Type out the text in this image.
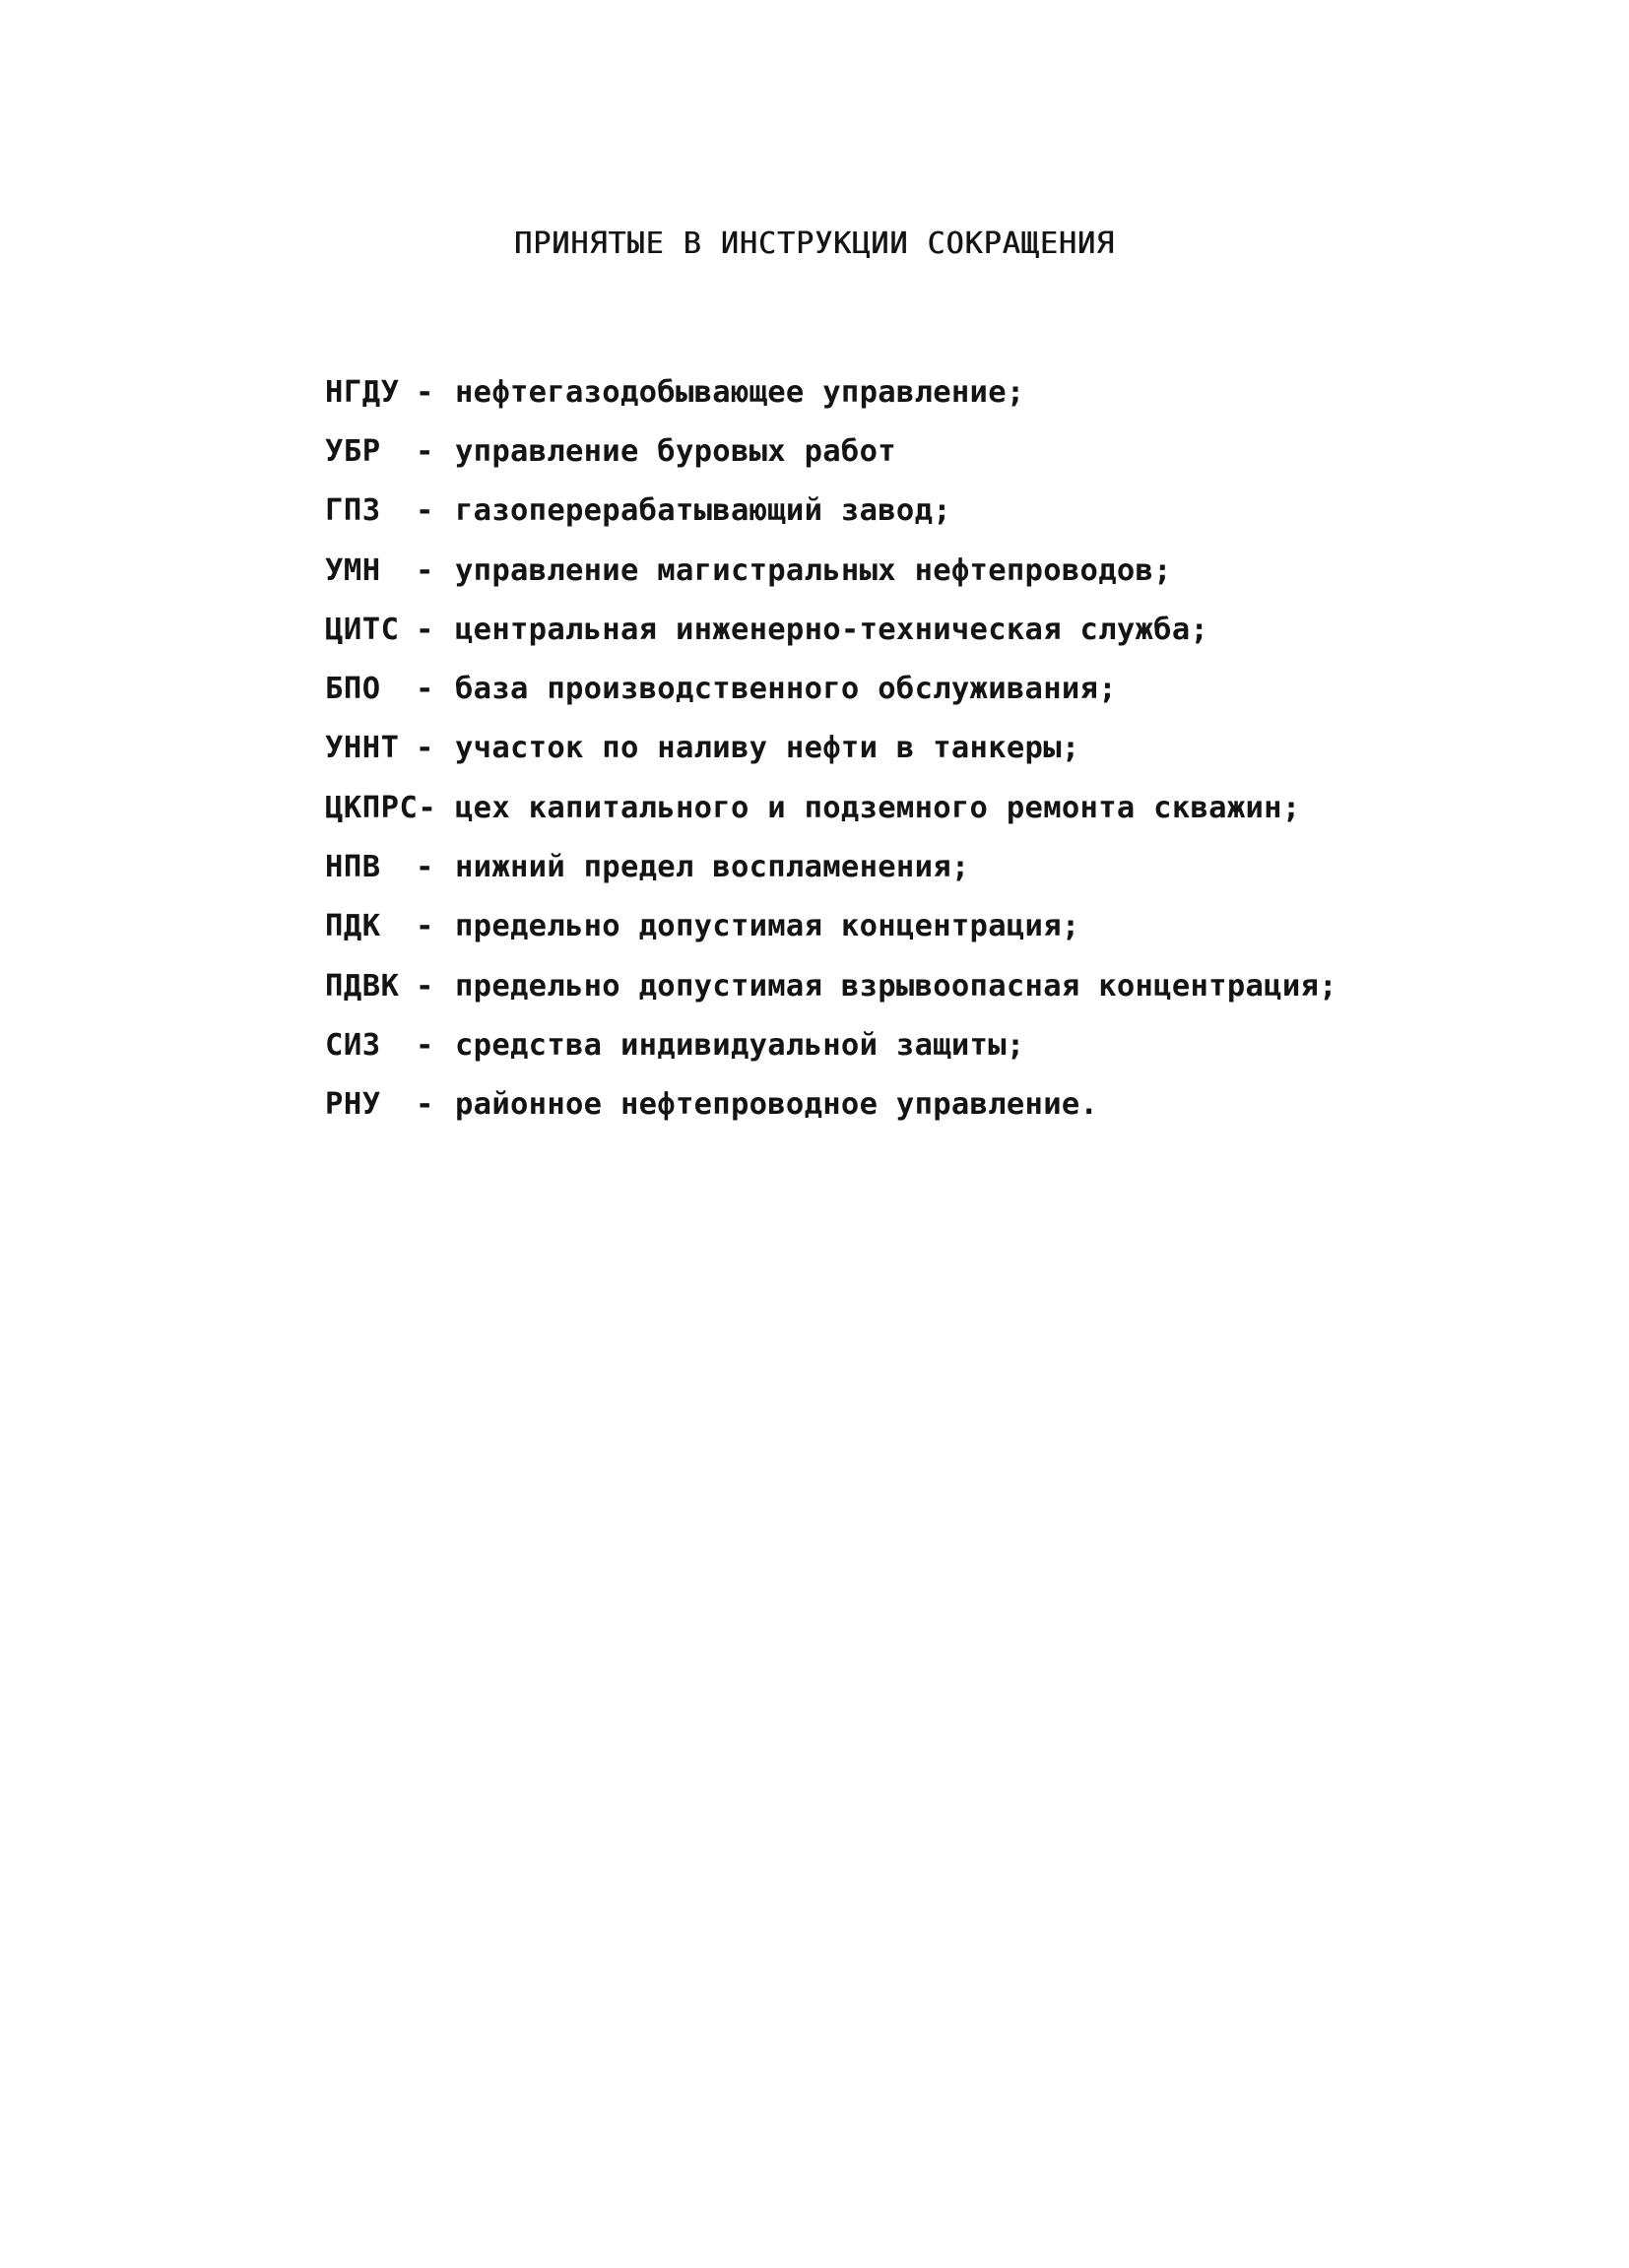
ПРИНЯТЫЕ В ИНСТРУКЦИИ СОКРАЩЕНИЯ
НГДУ - нефтегазодобывающее управление;
УБР	- управление буровых работ
ГПЗ	- газоперерабатывающий завод;
УМН	- управление магистральных нефтепроводов;
ЦИТС - центральная инженерно-техническая служба;
БПО	- база производственного обслуживания;
УННТ - участок по наливу нефти в танкеры;
ЦКПРС- цех капитального и подземного ремонта скважин;
НПВ	- нижний предел воспламенения;
ПДК	- предельно допустимая концентрация;
ПДВК - предельно допустимая взрывоопасная концентрация;
СИЗ	- средства индивидуальной защиты;
РНУ	- районное нефтепроводное управление.
